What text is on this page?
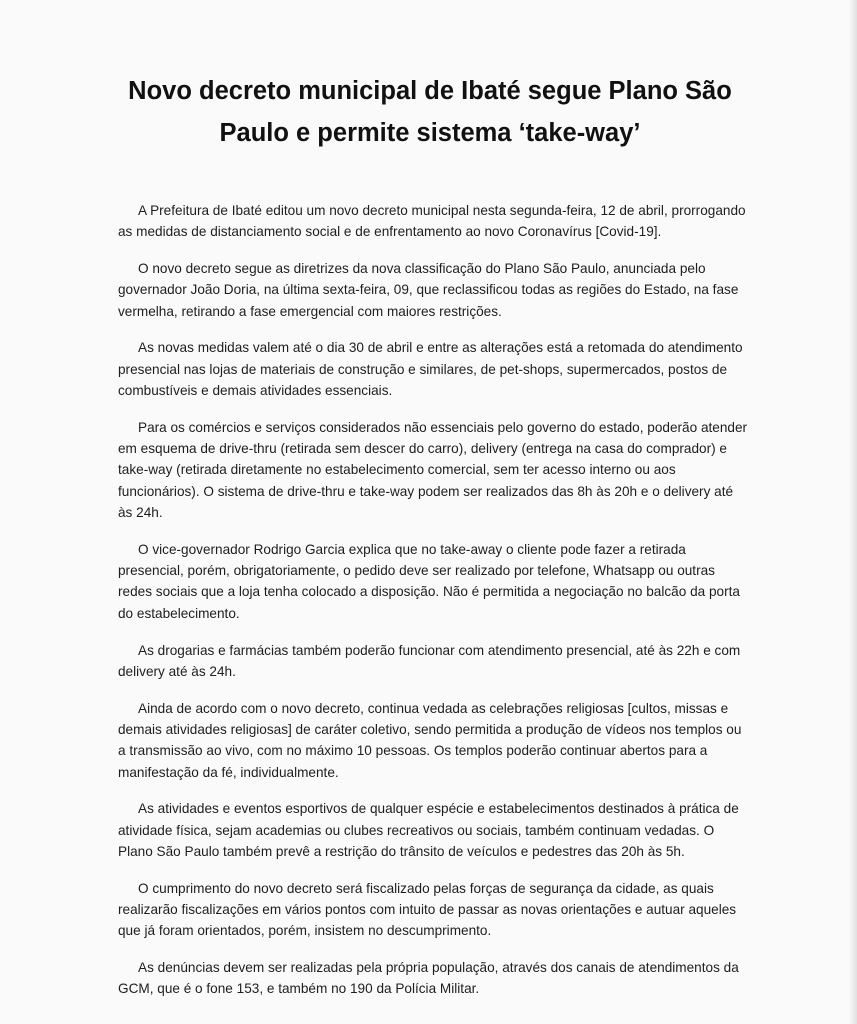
Novo decreto municipal de Ibaté segue Plano São Paulo e permite sistema ‘take-way’

A Prefeitura de Ibaté editou um novo decreto municipal nesta segunda-feira, 12 de abril, prorrogando as medidas de distanciamento social e de enfrentamento ao novo Coronavírus [Covid-19].

O novo decreto segue as diretrizes da nova classificação do Plano São Paulo, anunciada pelo governador João Doria, na última sexta-feira, 09, que reclassificou todas as regiões do Estado, na fase vermelha, retirando a fase emergencial com maiores restrições.

As novas medidas valem até o dia 30 de abril e entre as alterações está a retomada do atendimento presencial nas lojas de materiais de construção e similares, de pet-shops, supermercados, postos de combustíveis e demais atividades essenciais.

Para os comércios e serviços considerados não essenciais pelo governo do estado, poderão atender em esquema de drive-thru (retirada sem descer do carro), delivery (entrega na casa do comprador) e take-way (retirada diretamente no estabelecimento comercial, sem ter acesso interno ou aos funcionários). O sistema de drive-thru e take-way podem ser realizados das 8h às 20h e o delivery até às 24h.

O vice-governador Rodrigo Garcia explica que no take-away o cliente pode fazer a retirada presencial, porém, obrigatoriamente, o pedido deve ser realizado por telefone, Whatsapp ou outras redes sociais que a loja tenha colocado a disposição. Não é permitida a negociação no balcão da porta do estabelecimento.

As drogarias e farmácias também poderão funcionar com atendimento presencial, até às 22h e com delivery até às 24h.

Ainda de acordo com o novo decreto, continua vedada as celebrações religiosas [cultos, missas e demais atividades religiosas] de caráter coletivo, sendo permitida a produção de vídeos nos templos ou a transmissão ao vivo, com no máximo 10 pessoas. Os templos poderão continuar abertos para a manifestação da fé, individualmente.

As atividades e eventos esportivos de qualquer espécie e estabelecimentos destinados à prática de atividade física, sejam academias ou clubes recreativos ou sociais, também continuam vedadas. O Plano São Paulo também prevê a restrição do trânsito de veículos e pedestres das 20h às 5h.

O cumprimento do novo decreto será fiscalizado pelas forças de segurança da cidade, as quais realizarão fiscalizações em vários pontos com intuito de passar as novas orientações e autuar aqueles que já foram orientados, porém, insistem no descumprimento.

As denúncias devem ser realizadas pela própria população, através dos canais de atendimentos da GCM, que é o fone 153, e também no 190 da Polícia Militar.
